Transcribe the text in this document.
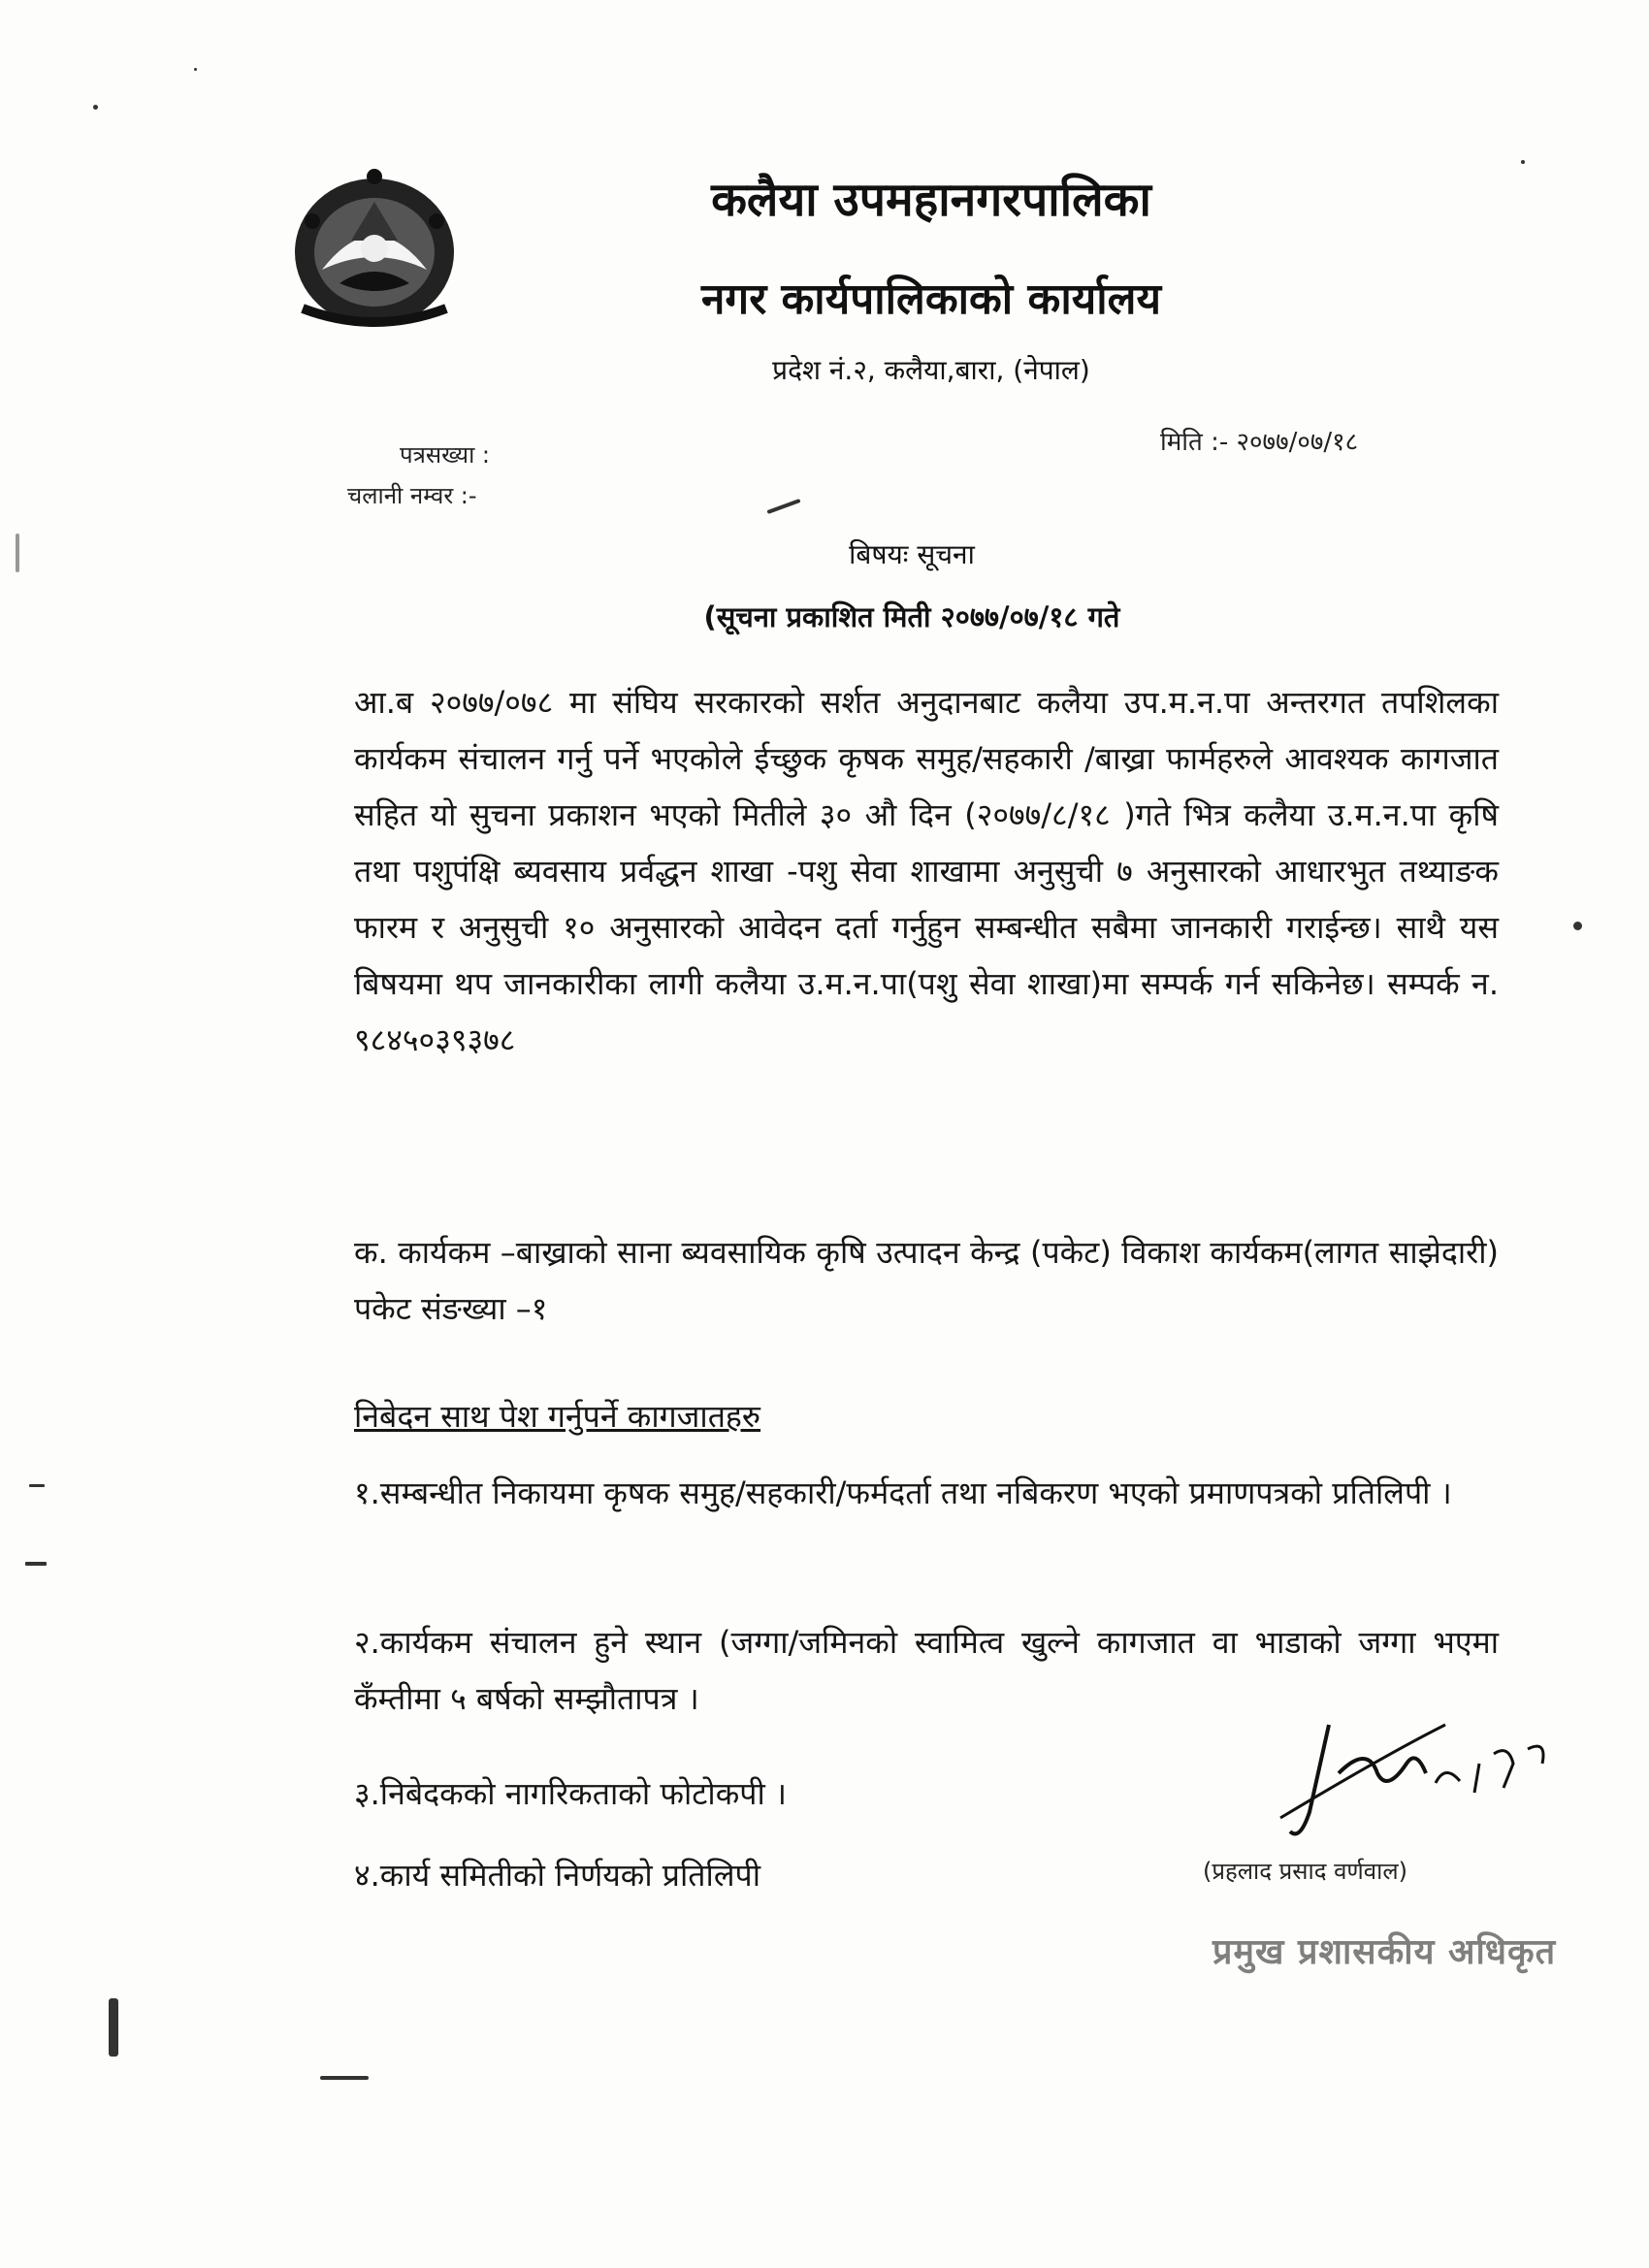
कलैया उपमहानगरपालिका
नगर कार्यपालिकाको कार्यालय
प्रदेश नं.२, कलैया,बारा, (नेपाल)
पत्रसख्या :
चलानी नम्वर :-
मिति :- २०७७/०७/१८
बिषयः सूचना
(सूचना प्रकाशित मिती २०७७/०७/१८ गते

आ.ब २०७७/०७८ मा संघिय सरकारको सर्शत अनुदानबाट कलैया उप.म.न.पा अन्तरगत तपशिलका कार्यकम संचालन गर्नु पर्ने भएकोले ईच्छुक कृषक समुह/सहकारी /बाख्रा फार्महरुले आवश्यक कागजात सहित यो सुचना प्रकाशन भएको मितीले ३० औ दिन (२०७७/८/१८ )गते भित्र कलैया उ.म.न.पा कृषि तथा पशुपंक्षि ब्यवसाय प्रर्वद्धन शाखा -पशु सेवा शाखामा अनुसुची ७ अनुसारको आधारभुत तथ्याङक फारम र अनुसुची १० अनुसारको आवेदन दर्ता गर्नुहुन सम्बन्धीत सबैमा जानकारी गराईन्छ। साथै यस बिषयमा थप जानकारीका लागी कलैया उ.म.न.पा(पशु सेवा शाखा)मा सम्पर्क गर्न सकिनेछ। सम्पर्क न. ९८४५०३९३७८

क. कार्यकम –बाख्राको साना ब्यवसायिक कृषि उत्पादन केन्द्र (पकेट) विकाश कार्यकम(लागत साझेदारी) पकेट संङख्या –१

निबेदन साथ पेश गर्नुपर्ने कागजातहरु

१.सम्बन्धीत निकायमा कृषक समुह/सहकारी/फर्मदर्ता तथा नबिकरण भएको प्रमाणपत्रको प्रतिलिपी ।

२.कार्यकम संचालन हुने स्थान (जग्गा/जमिनको स्वामित्व खुल्ने कागजात वा भाडाको जग्गा भएमा कँम्तीमा ५ बर्षको सम्झौतापत्र ।

३.निबेदकको नागरिकताको फोटोकपी ।

४.कार्य समितीको निर्णयको प्रतिलिपी	(प्रहलाद प्रसाद वर्णवाल)
प्रमुख प्रशासकीय अधिकृत
